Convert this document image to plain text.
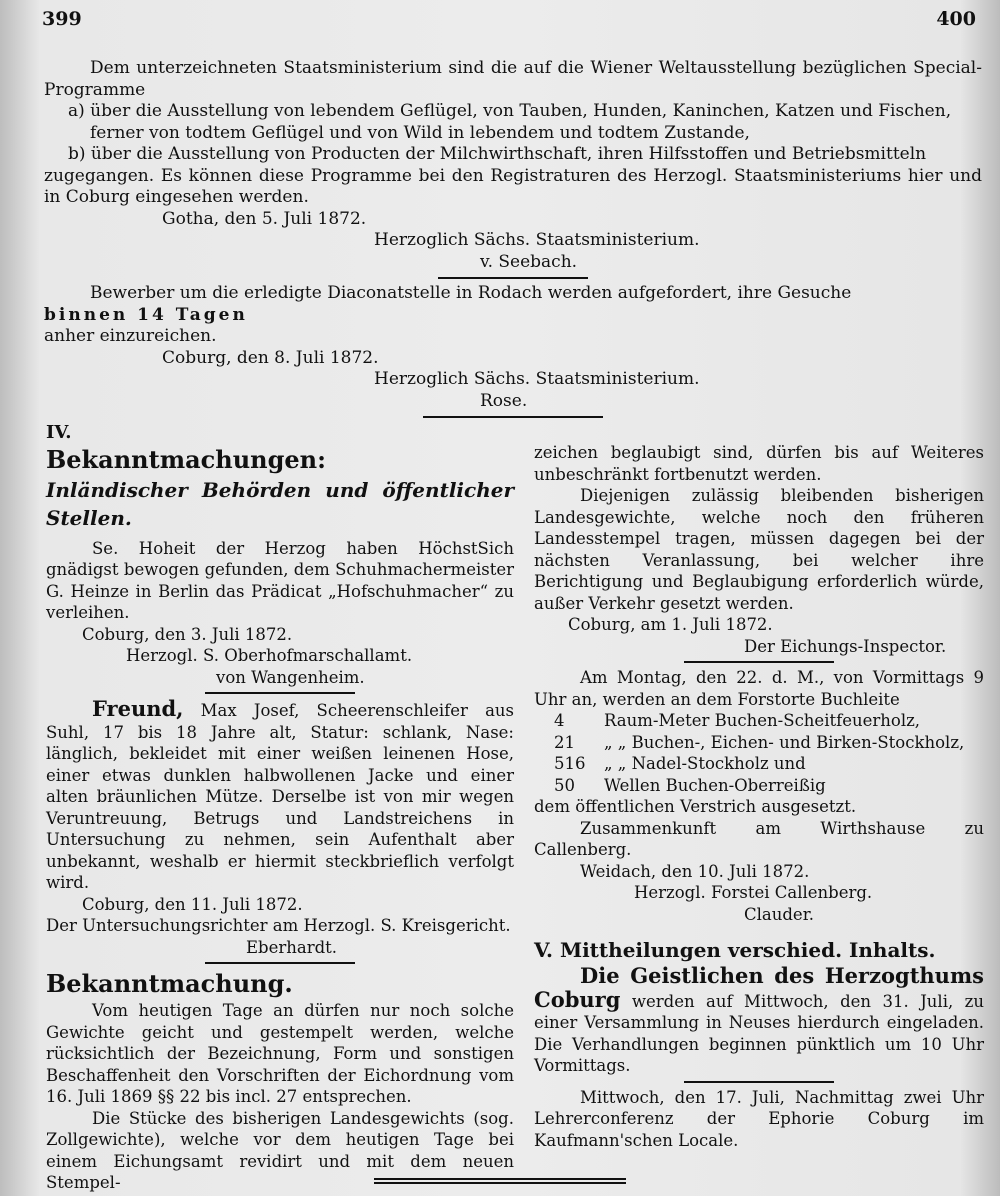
399	400

Dem unterzeichneten Staatsministerium sind die auf die Wiener Weltausstellung bezüglichen Special-Programme

a) über die Ausstellung von lebendem Geflügel, von Tauben, Hunden, Kaninchen, Katzen und Fischen,

ferner von todtem Geflügel und von Wild in lebendem und todtem Zustande,

b) über die Ausstellung von Producten der Milchwirthschaft, ihren Hilfsstoffen und Betriebsmitteln

zugegangen. Es können diese Programme bei den Registraturen des Herzogl. Staatsministeriums hier und in Coburg eingesehen werden.

Gotha, den 5. Juli 1872.

Herzoglich Sächs. Staatsministerium.

v. Seebach.

Bewerber um die erledigte Diaconatstelle in Rodach werden aufgefordert, ihre Gesuche

binnen 14 Tagen

anher einzureichen.

Coburg, den 8. Juli 1872.

Herzoglich Sächs. Staatsministerium.

Rose.

IV.

Bekanntmachungen:

Inländischer Behörden und öffentlicher Stellen.

Se. Hoheit der Herzog haben HöchstSich gnädigst bewogen gefunden, dem Schuhmachermeister G. Heinze in Berlin das Prädicat „Hofschuhmacher“ zu verleihen.

Coburg, den 3. Juli 1872.

Herzogl. S. Oberhofmarschallamt.

von Wangenheim.

Freund, Max Josef, Scheerenschleifer aus Suhl, 17 bis 18 Jahre alt, Statur: schlank, Nase: länglich, bekleidet mit einer weißen leinenen Hose, einer etwas dunklen halbwollenen Jacke und einer alten bräunlichen Mütze. Derselbe ist von mir wegen Veruntreuung, Betrugs und Landstreichens in Untersuchung zu nehmen, sein Aufenthalt aber unbekannt, weshalb er hiermit steckbrieflich verfolgt wird.

Coburg, den 11. Juli 1872.

Der Untersuchungsrichter am Herzogl. S. Kreisgericht.

Eberhardt.

Bekanntmachung.

Vom heutigen Tage an dürfen nur noch solche Gewichte geicht und gestempelt werden, welche rücksichtlich der Bezeichnung, Form und sonstigen Beschaffenheit den Vorschriften der Eichordnung vom 16. Juli 1869 §§ 22 bis incl. 27 entsprechen.

Die Stücke des bisherigen Landesgewichts (sog. Zollgewichte), welche vor dem heutigen Tage bei einem Eichungsamt revidirt und mit dem neuen Stempel-

zeichen beglaubigt sind, dürfen bis auf Weiteres unbeschränkt fortbenutzt werden.

Diejenigen zulässig bleibenden bisherigen Landesgewichte, welche noch den früheren Landesstempel tragen, müssen dagegen bei der nächsten Veranlassung, bei welcher ihre Berichtigung und Beglaubigung erforderlich würde, außer Verkehr gesetzt werden.

Coburg, am 1. Juli 1872.

Der Eichungs-Inspector.

Am Montag, den 22. d. M., von Vormittags 9 Uhr an, werden an dem Forstorte Buchleite

4	Raum-Meter Buchen-Scheitfeuerholz,
21	„ „ Buchen-, Eichen- und Birken-Stockholz,
516	„ „ Nadel-Stockholz und
50	Wellen Buchen-Oberreißig

dem öffentlichen Verstrich ausgesetzt.

Zusammenkunft am Wirthshause zu Callenberg.

Weidach, den 10. Juli 1872.

Herzogl. Forstei Callenberg.

Clauder.

V. Mittheilungen verschied. Inhalts.

Die Geistlichen des Herzogthums Coburg werden auf Mittwoch, den 31. Juli, zu einer Versammlung in Neuses hierdurch eingeladen. Die Verhandlungen beginnen pünktlich um 10 Uhr Vormittags.

Mittwoch, den 17. Juli, Nachmittag zwei Uhr Lehrerconferenz der Ephorie Coburg im Kaufmann'schen Locale.
